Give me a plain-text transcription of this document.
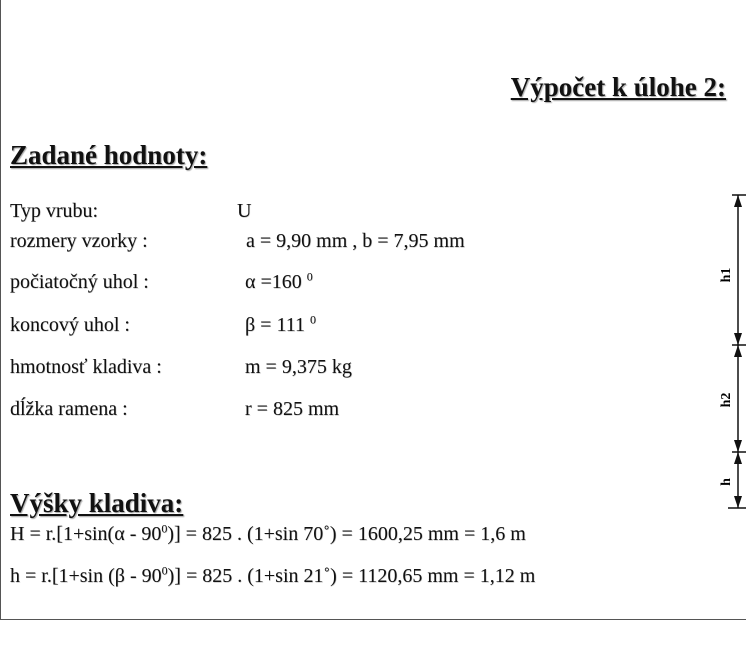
Výpočet k úlohe 2:
Zadané hodnoty:
Typ vrubu:	U
rozmery vzorky :	a = 9,90 mm , b = 7,95 mm
počiatočný uhol :	α =160 $^0$
koncový uhol :	β = 111 $^0$
hmotnosť kladiva :	m = 9,375 kg
dĺžka ramena :	r = 825 mm
Výšky kladiva:
$H = r.[1+\sin(\alpha - 90^0)] = 825$ . (1+sin 70˚) = 1600,25 mm = 1,6 m
h = r.[1+sin $(\beta - 90^0)] = 825$ . (1+sin 21˚) = 1120,65 mm = 1,12 m
h1
h2
h
